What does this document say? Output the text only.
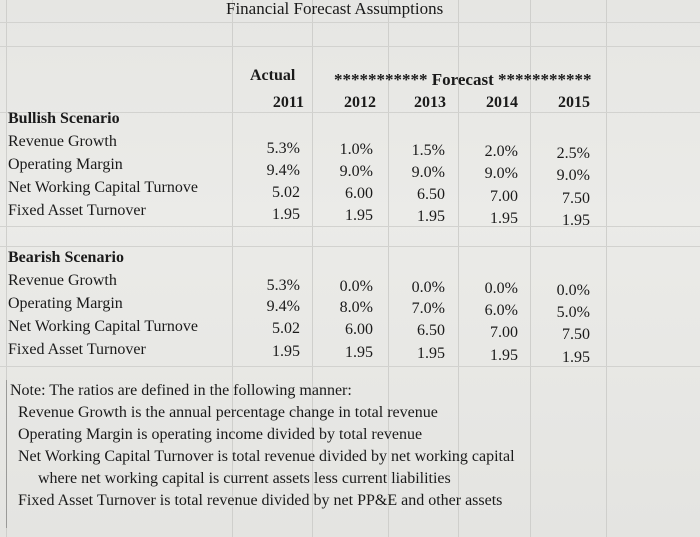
Financial Forecast Assumptions
Actual *********** Forecast ***********
2011	2012	2013	2014	2015
Bullish Scenario
Revenue Growth	5.3%	1.0%	1.5%	2.0%	2.5%
Operating Margin	9.4%	9.0%	9.0%	9.0%	9.0%
Net Working Capital Turnove	5.02	6.00	6.50	7.00	7.50
Fixed Asset Turnover	1.95	1.95	1.95	1.95	1.95
Bearish Scenario
Revenue Growth	5.3%	0.0%	0.0%	0.0%	0.0%
Operating Margin	9.4%	8.0%	7.0%	6.0%	5.0%
Net Working Capital Turnove	5.02	6.00	6.50	7.00	7.50
Fixed Asset Turnover	1.95	1.95	1.95	1.95	1.95
Note: The ratios are defined in the following manner:
Revenue Growth is the annual percentage change in total revenue
Operating Margin is operating income divided by total revenue
Net Working Capital Turnover is total revenue divided by net working capital
where net working capital is current assets less current liabilities
Fixed Asset Turnover is total revenue divided by net PP&E and other assets
